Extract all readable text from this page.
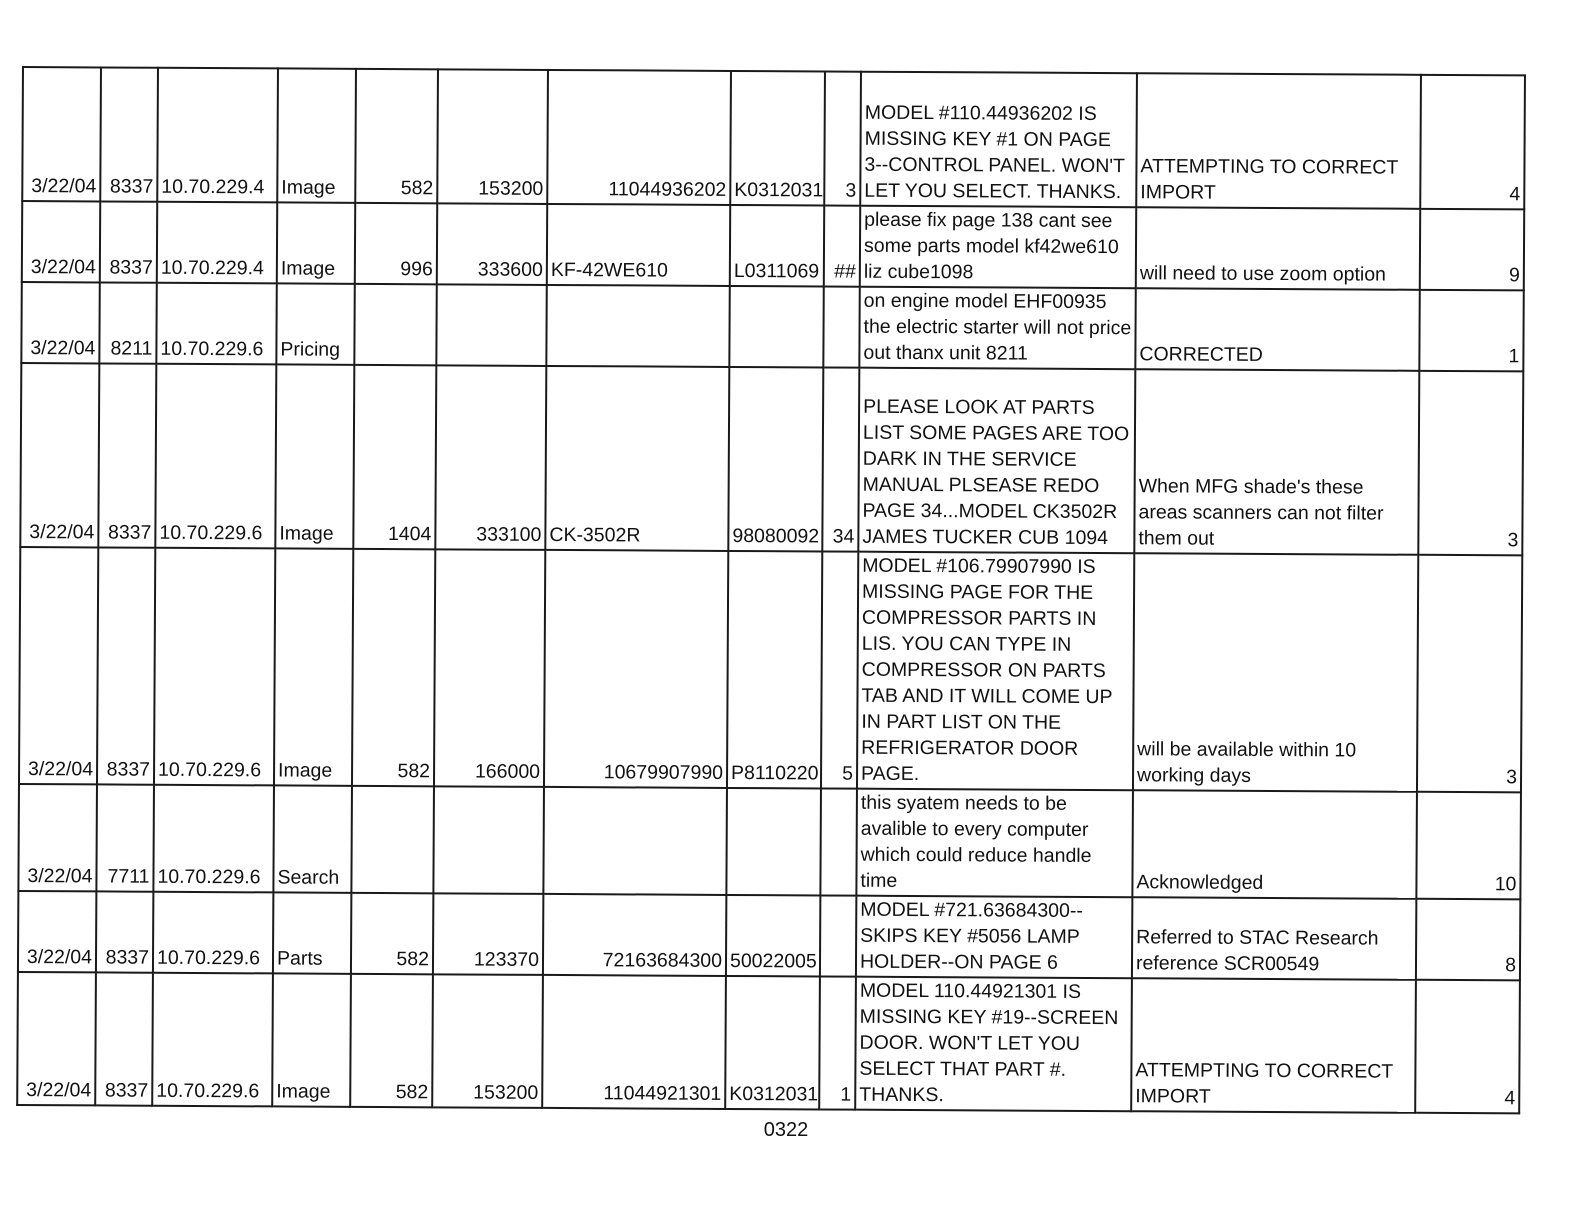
3/22/04	8337	10.70.229.4	Image	582	153200	11044936202	K0312031	3	MODEL #110.44936202 IS MISSING KEY #1 ON PAGE 3--CONTROL PANEL. WON'T LET YOU SELECT. THANKS.	ATTEMPTING TO CORRECT IMPORT	4
3/22/04	8337	10.70.229.4	Image	996	333600	KF-42WE610	L0311069	##	please fix page 138 cant see some parts model kf42we610 liz cube1098	will need to use zoom option	9
3/22/04	8211	10.70.229.6	Pricing						on engine model EHF00935 the electric starter will not price out thanx unit 8211	CORRECTED	1
3/22/04	8337	10.70.229.6	Image	1404	333100	CK-3502R	98080092	34	PLEASE LOOK AT PARTS LIST SOME PAGES ARE TOO DARK IN THE SERVICE MANUAL PLSEASE REDO PAGE 34...MODEL CK3502R JAMES TUCKER CUB 1094	When MFG shade's these areas scanners can not filter them out	3
3/22/04	8337	10.70.229.6	Image	582	166000	10679907990	P8110220	5	MODEL #106.79907990 IS MISSING PAGE FOR THE COMPRESSOR PARTS IN LIS. YOU CAN TYPE IN COMPRESSOR ON PARTS TAB AND IT WILL COME UP IN PART LIST ON THE REFRIGERATOR DOOR PAGE.	will be available within 10 working days	3
3/22/04	7711	10.70.229.6	Search						this syatem needs to be avalible to every computer which could reduce handle time	Acknowledged	10
3/22/04	8337	10.70.229.6	Parts	582	123370	72163684300	50022005		MODEL #721.63684300--SKIPS KEY #5056 LAMP HOLDER--ON PAGE 6	Referred to STAC Research reference SCR00549	8
3/22/04	8337	10.70.229.6	Image	582	153200	11044921301	K0312031	1	MODEL 110.44921301 IS MISSING KEY #19--SCREEN DOOR. WON'T LET YOU SELECT THAT PART #. THANKS.	ATTEMPTING TO CORRECT IMPORT	4
0322
